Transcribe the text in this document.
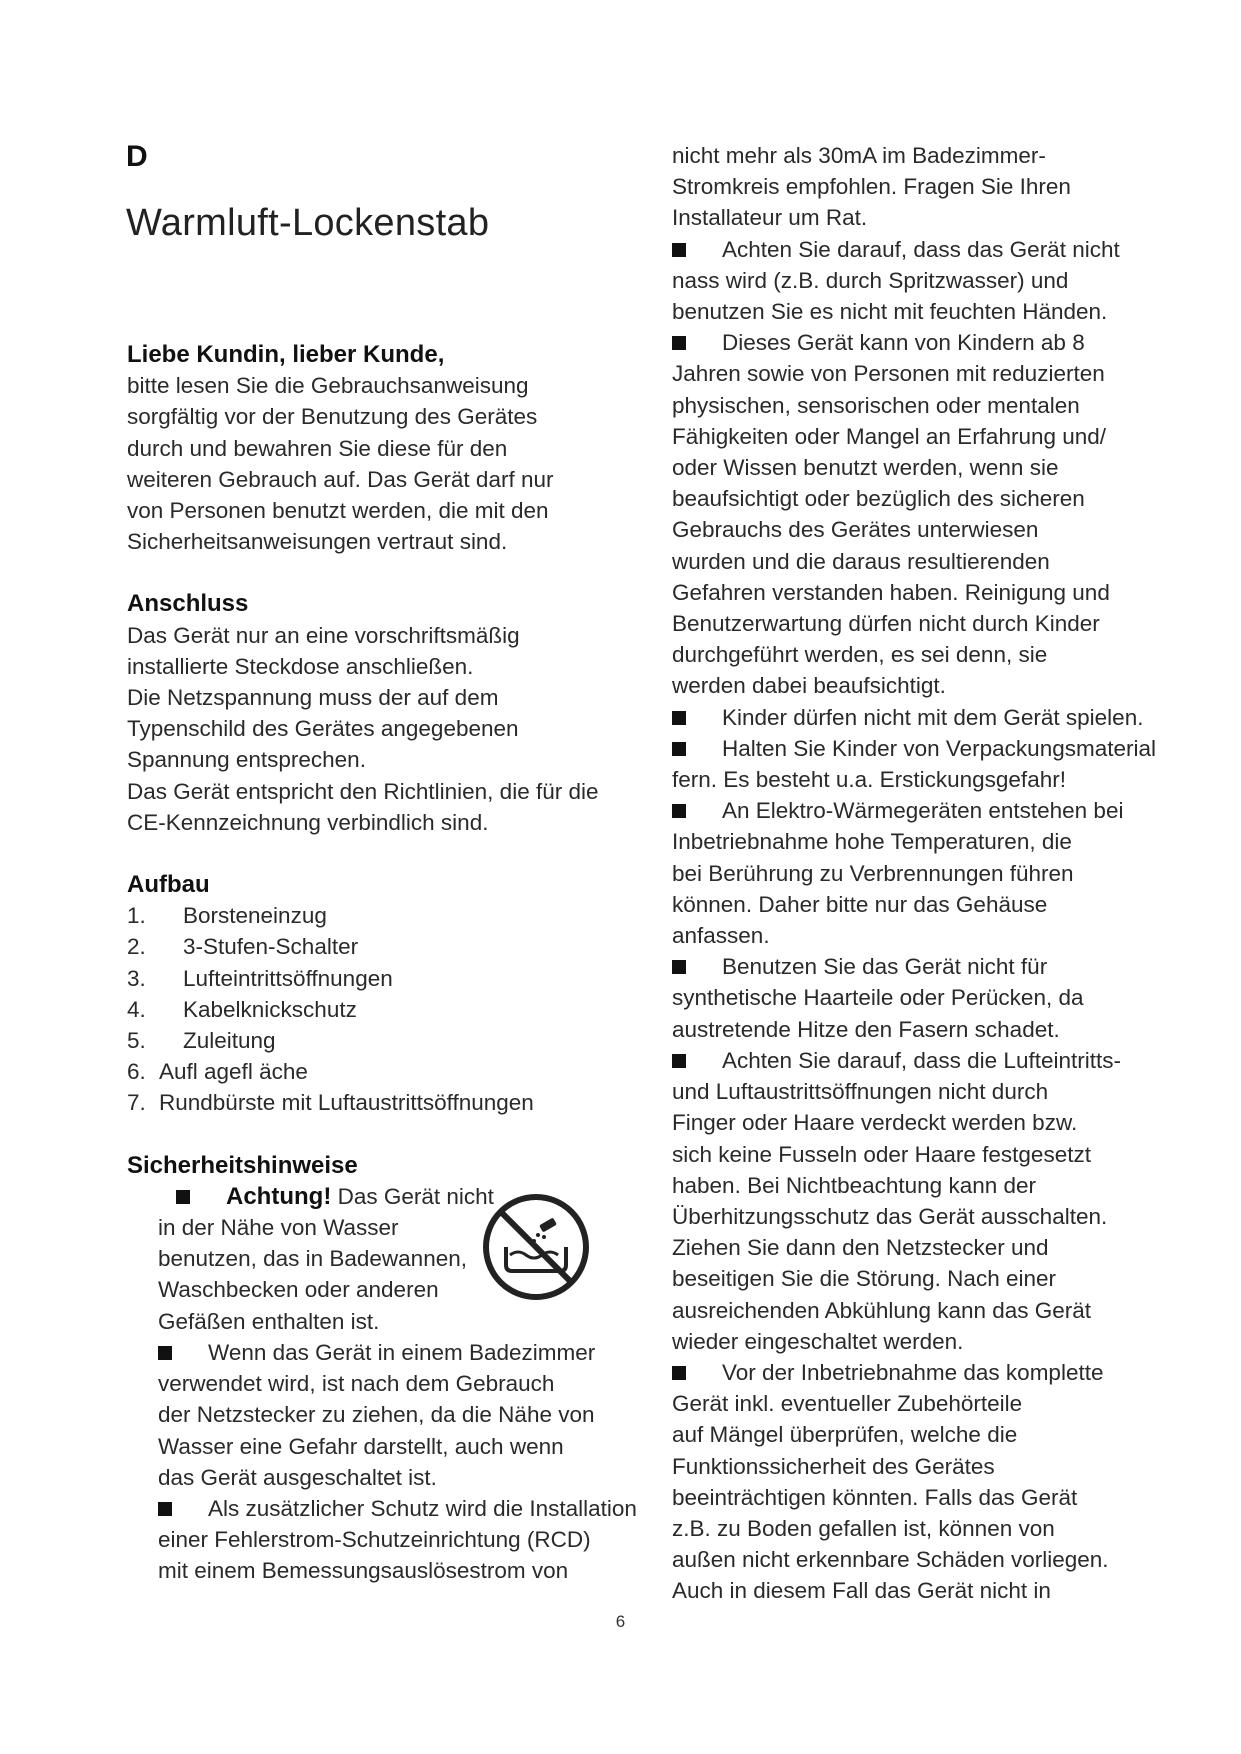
D
Warmluft-Lockenstab
Liebe Kundin, lieber Kunde,

bitte lesen Sie die Gebrauchsanweisung

sorgfältig vor der Benutzung des Gerätes

durch und bewahren Sie diese für den

weiteren Gebrauch auf. Das Gerät darf nur

von Personen benutzt werden, die mit den

Sicherheitsanweisungen vertraut sind.

Anschluss

Das Gerät nur an eine vorschriftsmäßig

installierte Steckdose anschließen.

Die Netzspannung muss der auf dem

Typenschild des Gerätes angegebenen

Spannung entsprechen.

Das Gerät entspricht den Richtlinien, die für die

CE-Kennzeichnung verbindlich sind.

Aufbau
1.	Borsteneinzug
2.	3-Stufen-Schalter
3.	Lufteintrittsöffnungen
4.	Kabelknickschutz
5.	Zuleitung
6. Aufl agefl äche
7. Rundbürste mit Luftaustrittsöffnungen
Sicherheitshinweise

Achtung! Das Gerät nicht

in der Nähe von Wasser

benutzen, das in Badewannen,

Waschbecken oder anderen

Gefäßen enthalten ist.

Wenn das Gerät in einem Badezimmer

verwendet wird, ist nach dem Gebrauch

der Netzstecker zu ziehen, da die Nähe von

Wasser eine Gefahr darstellt, auch wenn

das Gerät ausgeschaltet ist.

Als zusätzlicher Schutz wird die Installation

einer Fehlerstrom-Schutzeinrichtung (RCD)

mit einem Bemessungsauslösestrom von

nicht mehr als 30mA im Badezimmer-

Stromkreis empfohlen. Fragen Sie Ihren

Installateur um Rat.

Achten Sie darauf, dass das Gerät nicht

nass wird (z.B. durch Spritzwasser) und

benutzen Sie es nicht mit feuchten Händen.

Dieses Gerät kann von Kindern ab 8

Jahren sowie von Personen mit reduzierten

physischen, sensorischen oder mentalen

Fähigkeiten oder Mangel an Erfahrung und/

oder Wissen benutzt werden, wenn sie

beaufsichtigt oder bezüglich des sicheren

Gebrauchs des Gerätes unterwiesen

wurden und die daraus resultierenden

Gefahren verstanden haben. Reinigung und

Benutzerwartung dürfen nicht durch Kinder

durchgeführt werden, es sei denn, sie

werden dabei beaufsichtigt.

Kinder dürfen nicht mit dem Gerät spielen.

Halten Sie Kinder von Verpackungsmaterial

fern. Es besteht u.a. Erstickungsgefahr!

An Elektro-Wärmegeräten entstehen bei

Inbetriebnahme hohe Temperaturen, die

bei Berührung zu Verbrennungen führen

können. Daher bitte nur das Gehäuse

anfassen.

Benutzen Sie das Gerät nicht für

synthetische Haarteile oder Perücken, da

austretende Hitze den Fasern schadet.

Achten Sie darauf, dass die Lufteintritts-

und Luftaustrittsöffnungen nicht durch

Finger oder Haare verdeckt werden bzw.

sich keine Fusseln oder Haare festgesetzt

haben. Bei Nichtbeachtung kann der

Überhitzungsschutz das Gerät ausschalten.

Ziehen Sie dann den Netzstecker und

beseitigen Sie die Störung. Nach einer

ausreichenden Abkühlung kann das Gerät

wieder eingeschaltet werden.

Vor der Inbetriebnahme das komplette

Gerät inkl. eventueller Zubehörteile

auf Mängel überprüfen, welche die

Funktionssicherheit des Gerätes

beeinträchtigen könnten. Falls das Gerät

z.B. zu Boden gefallen ist, können von

außen nicht erkennbare Schäden vorliegen.

Auch in diesem Fall das Gerät nicht in

6
